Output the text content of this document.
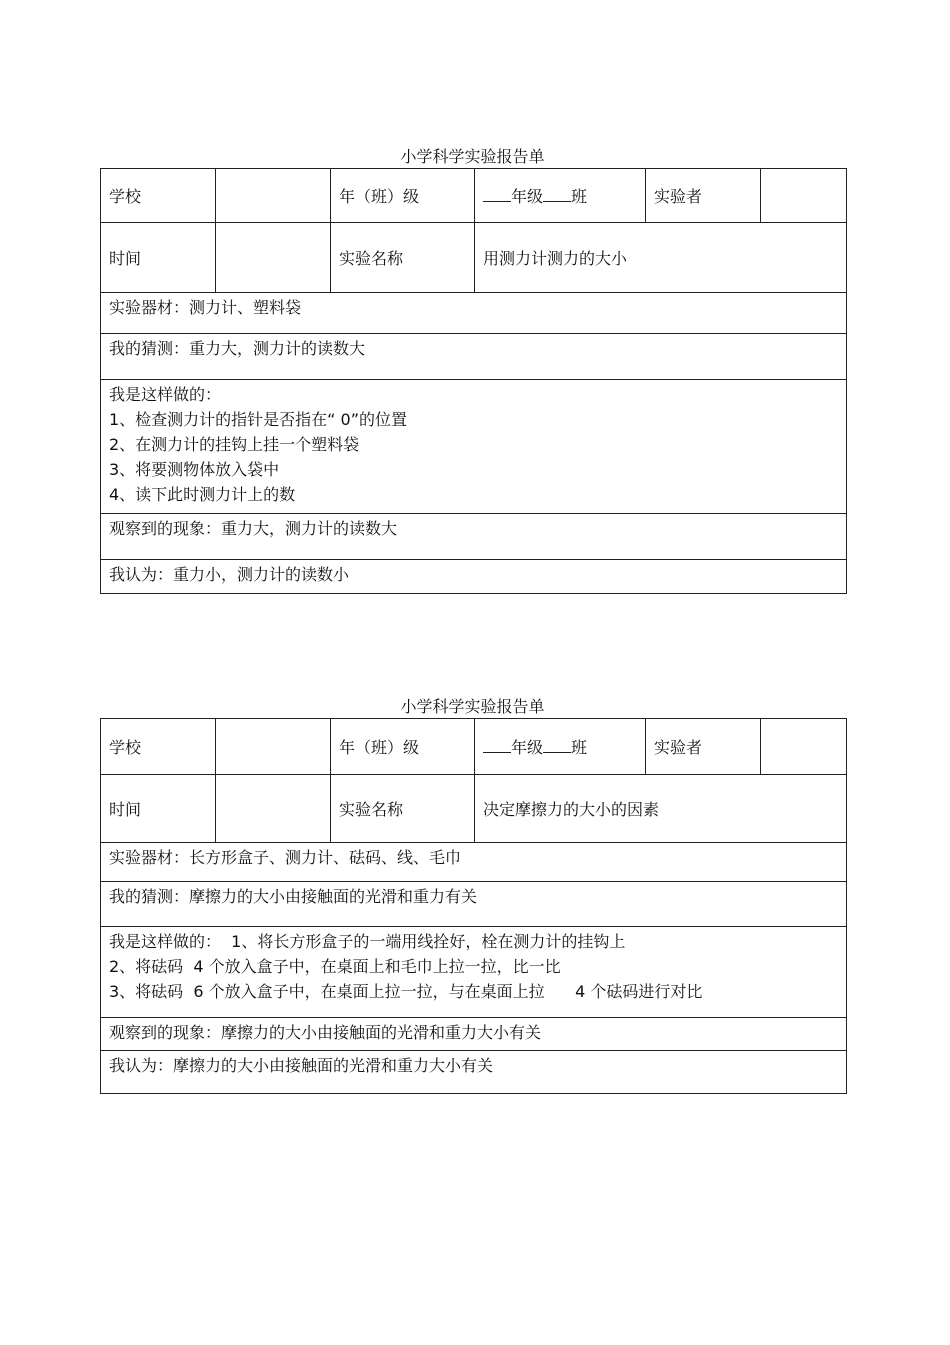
小学科学实验报告单
学校		年（班）级	年级 班	实验者	
时间		实验名称	用测力计测力的大小		
实验器材：测力计、塑料袋					
我的猜测：重力大，测力计的读数大					

我是这样做的：
1、检查测力计的指针是否指在“ 0”的位置
2、在测力计的挂钩上挂一个塑料袋
3、将要测物体放入袋中
4、读下此时测力计上的数					

观察到的现象：重力大，测力计的读数大					
我认为：重力小，测力计的读数小					
小学科学实验报告单
学校		年（班）级	年级 班	实验者	
时间		实验名称	决定摩擦力的大小的因素		
实验器材：长方形盒子、测力计、砝码、线、毛巾					
我的猜测：摩擦力的大小由接触面的光滑和重力有关					

我是这样做的：  1、将长方形盒子的一端用线拴好，栓在测力计的挂钩上
2、将砝码  4 个放入盒子中，在桌面上和毛巾上拉一拉，比一比
3、将砝码  6 个放入盒子中，在桌面上拉一拉，与在桌面上拉      4 个砝码进行对比					

观察到的现象：摩擦力的大小由接触面的光滑和重力大小有关					
我认为：摩擦力的大小由接触面的光滑和重力大小有关					
